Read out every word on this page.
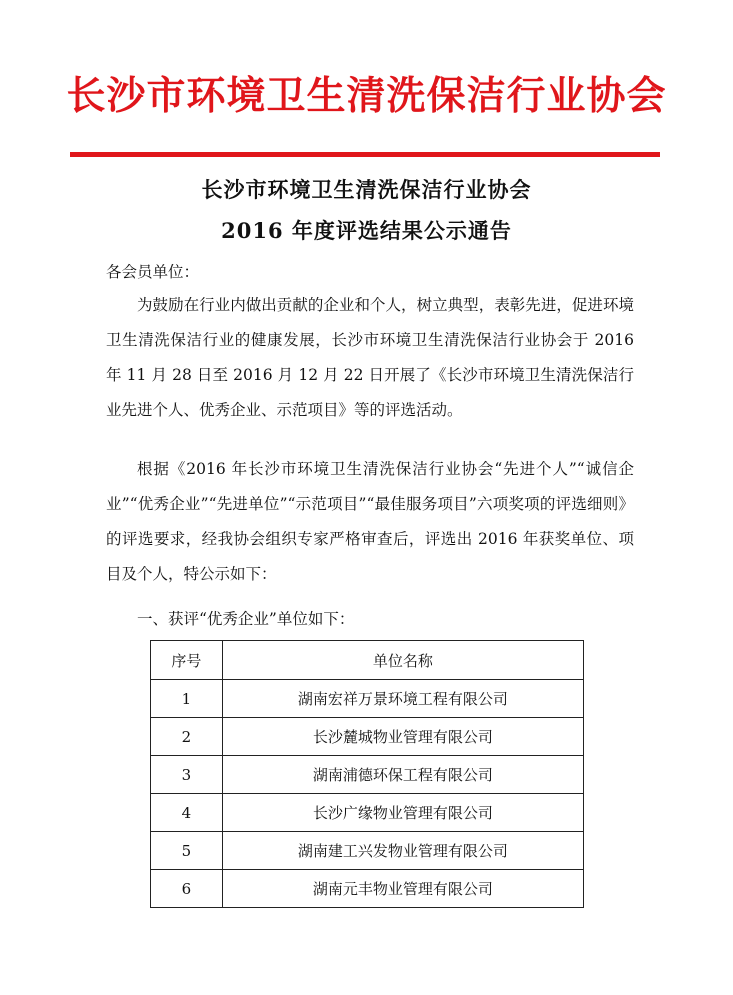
长沙市环境卫生清洗保洁行业协会
长沙市环境卫生清洗保洁行业协会
2016 年度评选结果公示通告
各会员单位：
为鼓励在行业内做出贡献的企业和个人，树立典型，表彰先进，促进环境卫生清洗保洁行业的健康发展，长沙市环境卫生清洗保洁行业协会于 2016 年 11 月 28 日至 2016 月 12 月 22 日开展了《长沙市环境卫生清洗保洁行业先进个人、优秀企业、示范项目》等的评选活动。
根据《2016 年长沙市环境卫生清洗保洁行业协会“先进个人”“诚信企业”“优秀企业”“先进单位”“示范项目”“最佳服务项目”六项奖项的评选细则》的评选要求，经我协会组织专家严格审查后，评选出 2016 年获奖单位、项目及个人，特公示如下：
一、获评“优秀企业”单位如下：
序号	单位名称
1	湖南宏祥万景环境工程有限公司
2	长沙麓城物业管理有限公司
3	湖南浦德环保工程有限公司
4	长沙广缘物业管理有限公司
5	湖南建工兴发物业管理有限公司
6	湖南元丰物业管理有限公司
